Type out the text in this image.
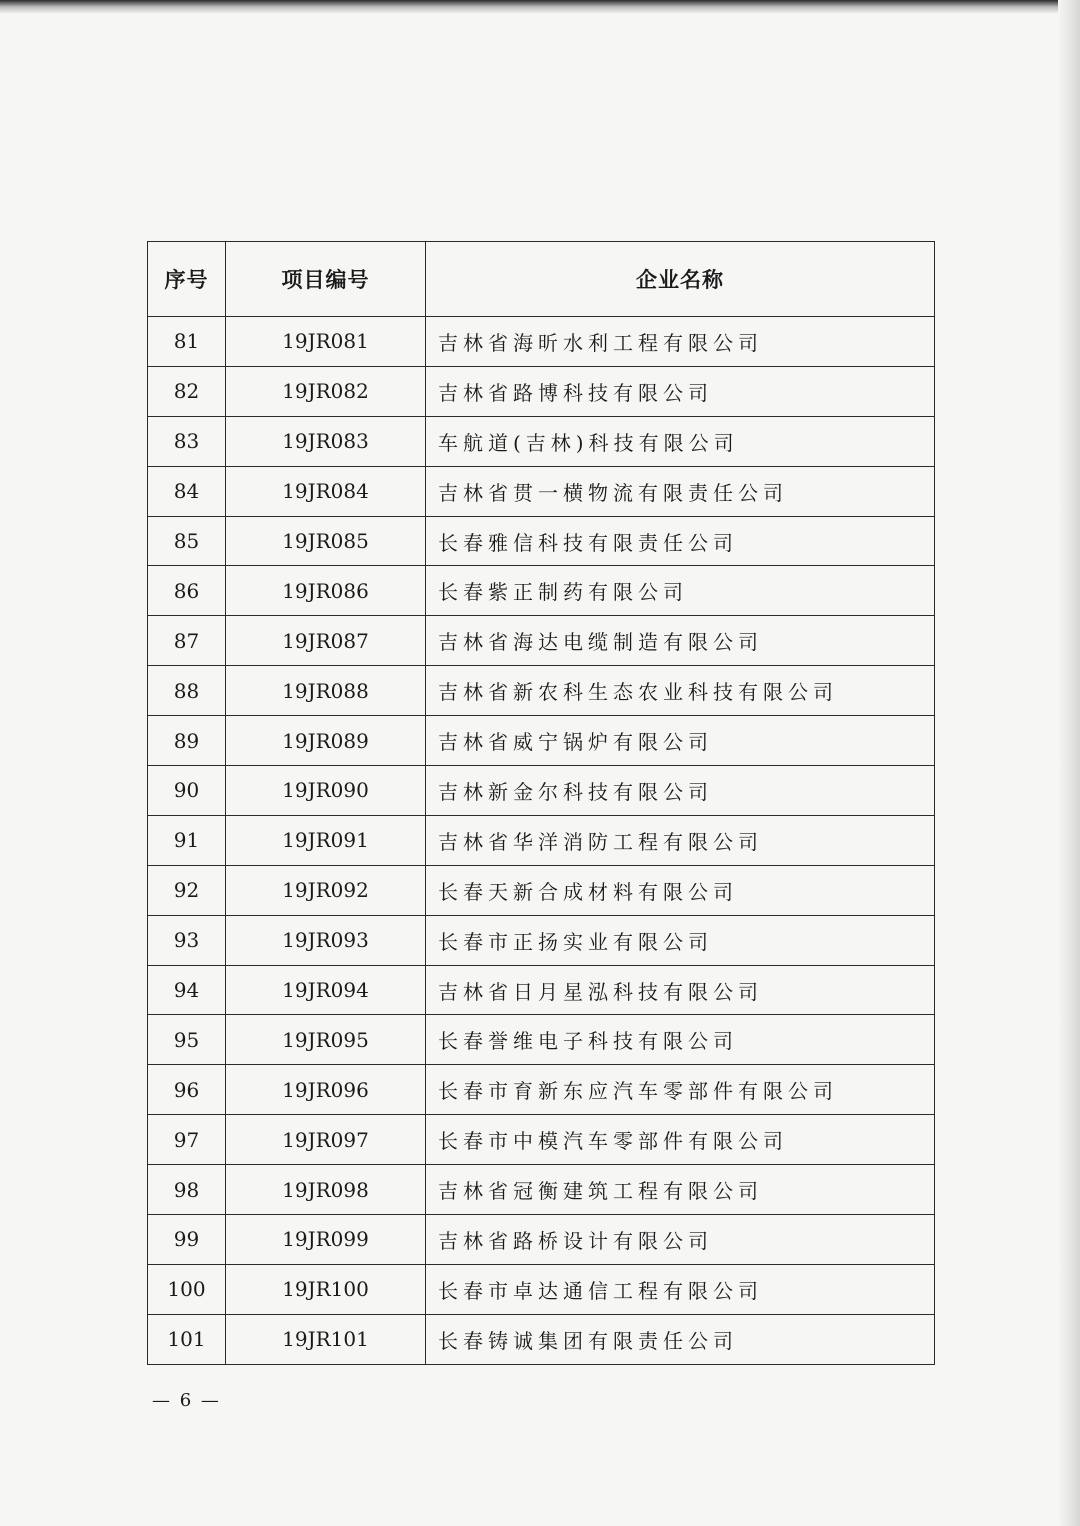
序号	项目编号	企业名称
81	19JR081	吉林省海昕水利工程有限公司
82	19JR082	吉林省路博科技有限公司
83	19JR083	车航道(吉林)科技有限公司
84	19JR084	吉林省贯一横物流有限责任公司
85	19JR085	长春雅信科技有限责任公司
86	19JR086	长春紫正制药有限公司
87	19JR087	吉林省海达电缆制造有限公司
88	19JR088	吉林省新农科生态农业科技有限公司
89	19JR089	吉林省威宁锅炉有限公司
90	19JR090	吉林新金尔科技有限公司
91	19JR091	吉林省华洋消防工程有限公司
92	19JR092	长春天新合成材料有限公司
93	19JR093	长春市正扬实业有限公司
94	19JR094	吉林省日月星泓科技有限公司
95	19JR095	长春誉维电子科技有限公司
96	19JR096	长春市育新东应汽车零部件有限公司
97	19JR097	长春市中模汽车零部件有限公司
98	19JR098	吉林省冠衡建筑工程有限公司
99	19JR099	吉林省路桥设计有限公司
100	19JR100	长春市卓达通信工程有限公司
101	19JR101	长春铸诚集团有限责任公司
— 6 —
